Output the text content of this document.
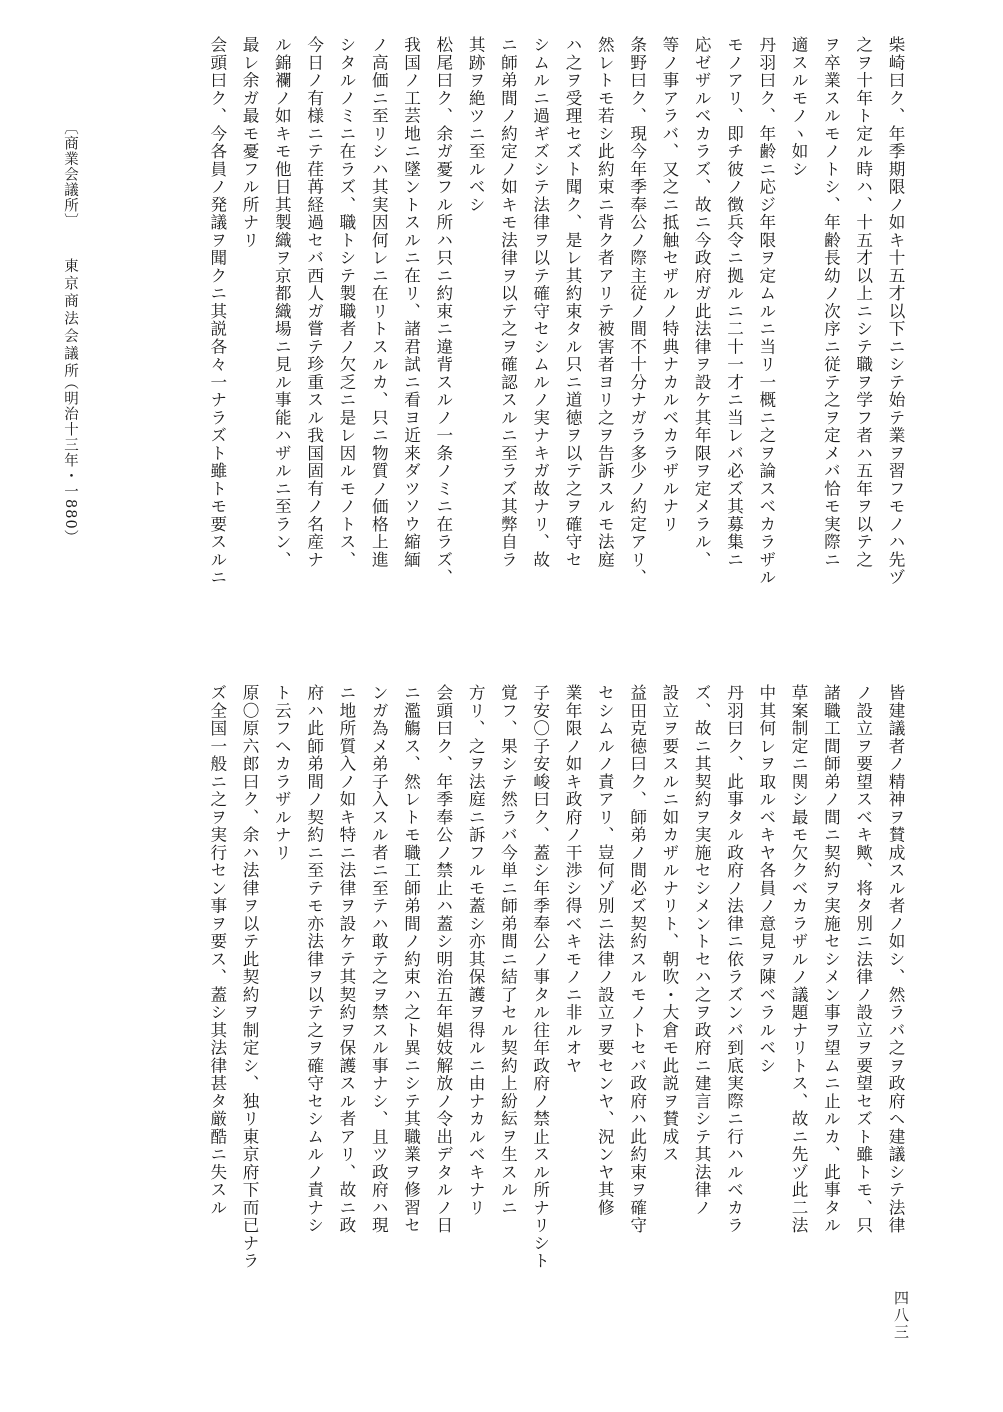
柴崎曰ク、年季期限ノ如キ十五才以下ニシテ始テ業ヲ習フモノハ先ヅ
之ヲ十年ト定ル時ハ、十五才以上ニシテ職ヲ学フ者ハ五年ヲ以テ之
ヲ卒業スルモノトシ、年齢長幼ノ次序ニ従テ之ヲ定メバ恰モ実際ニ
適スルモノヽ如シ
丹羽曰ク、年齢ニ応ジ年限ヲ定ムルニ当リ一概ニ之ヲ論スベカラザル
モノアリ、即チ彼ノ徴兵令ニ拠ルニ二十一才ニ当レバ必ズ其募集ニ
応ゼザルベカラズ、故ニ今政府ガ此法律ヲ設ケ其年限ヲ定メラル、
等ノ事アラバ、又之ニ抵触セザルノ特典ナカルベカラザルナリ
条野曰ク、現今年季奉公ノ際主従ノ間不十分ナガラ多少ノ約定アリ、
然レトモ若シ此約束ニ背ク者アリテ被害者ヨリ之ヲ告訴スルモ法庭
ハ之ヲ受理セズト聞ク、是レ其約束タル只ニ道徳ヲ以テ之ヲ確守セ
シムルニ過ギズシテ法律ヲ以テ確守セシムルノ実ナキガ故ナリ、故
ニ師弟間ノ約定ノ如キモ法律ヲ以テ之ヲ確認スルニ至ラズ其弊自ラ
其跡ヲ絶ツニ至ルベシ
松尾曰ク、余ガ憂フル所ハ只ニ約束ニ違背スルノ一条ノミニ在ラズ、
我国ノ工芸地ニ墜ントスルニ在リ、諸君試ニ看ヨ近来ダツソウ縮緬
ノ高価ニ至リシハ其実因何レニ在リトスルカ、只ニ物質ノ価格上進
シタルノミニ在ラズ、職トシテ製職者ノ欠乏ニ是レ因ルモノトス、
今日ノ有様ニテ荏苒経過セバ西人ガ嘗テ珍重スル我国固有ノ名産ナ
ル錦襴ノ如キモ他日其製織ヲ京都織場ニ見ル事能ハザルニ至ラン、
最レ余ガ最モ憂フル所ナリ
会頭曰ク、今各員ノ発議ヲ聞クニ其説各々一ナラズト雖トモ要スルニ
皆建議者ノ精神ヲ賛成スル者ノ如シ、然ラバ之ヲ政府ヘ建議シテ法律
ノ設立ヲ要望スベキ歟、将タ別ニ法律ノ設立ヲ要望セズト雖トモ、只
諸職工間師弟ノ間ニ契約ヲ実施セシメン事ヲ望ムニ止ルカ、此事タル
草案制定ニ関シ最モ欠クベカラザルノ議題ナリトス、故ニ先ヅ此二法
中其何レヲ取ルベキヤ各員ノ意見ヲ陳ベラルベシ
丹羽曰ク、此事タル政府ノ法律ニ依ラズンバ到底実際ニ行ハルベカラ
ズ、故ニ其契約ヲ実施セシメントセハ之ヲ政府ニ建言シテ其法律ノ
設立ヲ要スルニ如カザルナリト、朝吹・大倉モ此説ヲ賛成ス
益田克徳曰ク、師弟ノ間必ズ契約スルモノトセバ政府ハ此約束ヲ確守
セシムルノ責アリ、豈何ゾ別ニ法律ノ設立ヲ要センヤ、況ンヤ其修
業年限ノ如キ政府ノ干渉シ得ベキモノニ非ルオヤ
子安〇子安峻曰ク、蓋シ年季奉公ノ事タル往年政府ノ禁止スル所ナリシト
覚フ、果シテ然ラバ今単ニ師弟間ニ結了セル契約上紛紜ヲ生スルニ
方リ、之ヲ法庭ニ訴フルモ蓋シ亦其保護ヲ得ルニ由ナカルベキナリ
会頭曰ク、年季奉公ノ禁止ハ蓋シ明治五年娼妓解放ノ令出デタルノ日
ニ濫觴ス、然レトモ職工師弟間ノ約束ハ之ト異ニシテ其職業ヲ修習セ
ンガ為メ弟子入スル者ニ至テハ敢テ之ヲ禁スル事ナシ、且ツ政府ハ現
ニ地所質入ノ如キ特ニ法律ヲ設ケテ其契約ヲ保護スル者アリ、故ニ政
府ハ此師弟間ノ契約ニ至テモ亦法律ヲ以テ之ヲ確守セシムルノ責ナシ
ト云フヘカラザルナリ
原〇原六郎曰ク、余ハ法律ヲ以テ此契約ヲ制定シ、独リ東京府下而已ナラ
ズ全国一般ニ之ヲ実行セン事ヲ要ス、蓋シ其法律甚タ厳酷ニ失スル
〔商業会議所〕
東京商法会議所
（明治十三年・一880）
四八三
